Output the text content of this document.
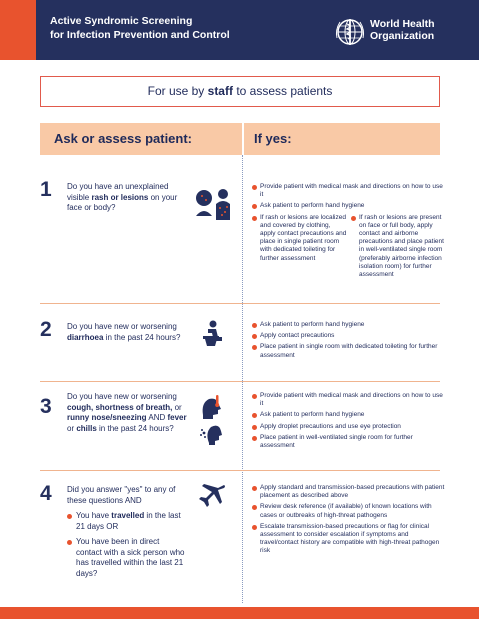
Active Syndromic Screening
for Infection Prevention and Control
World Health
Organization
For use by staff to assess patients
Ask or assess patient:	If yes:
1 Do you have an unexplained visible rash or lesions on your face or body?
Provide patient with medical mask and directions on how to use it
Ask patient to perform hand hygiene
If rash or lesions are localized and covered by clothing, apply contact precautions and place in single patient room with dedicated toileting for further assessment
If rash or lesions are present on face or full body, apply contact and airborne precautions and place patient in well-ventilated single room (preferably airborne infection isolation room) for further assessment
2 Do you have new or worsening diarrhoea in the past 24 hours?
Ask patient to perform hand hygiene
Apply contact precautions
Place patient in single room with dedicated toileting for further assessment
3 Do you have new or worsening cough, shortness of breath, or runny nose/sneezing AND fever or chills in the past 24 hours?
Provide patient with medical mask and directions on how to use it
Ask patient to perform hand hygiene
Apply droplet precautions and use eye protection
Place patient in well-ventilated single room for further assessment
4 Did you answer "yes" to any of these questions AND
You have travelled in the last 21 days OR
You have been in direct contact with a sick person who has travelled within the last 21 days?
Apply standard and transmission-based precautions with patient placement as described above
Review desk reference (if available) of known locations with cases or outbreaks of high-threat pathogens
Escalate transmission-based precautions or flag for clinical assessment to consider escalation if symptoms and travel/contact history are compatible with high-threat pathogen risk
